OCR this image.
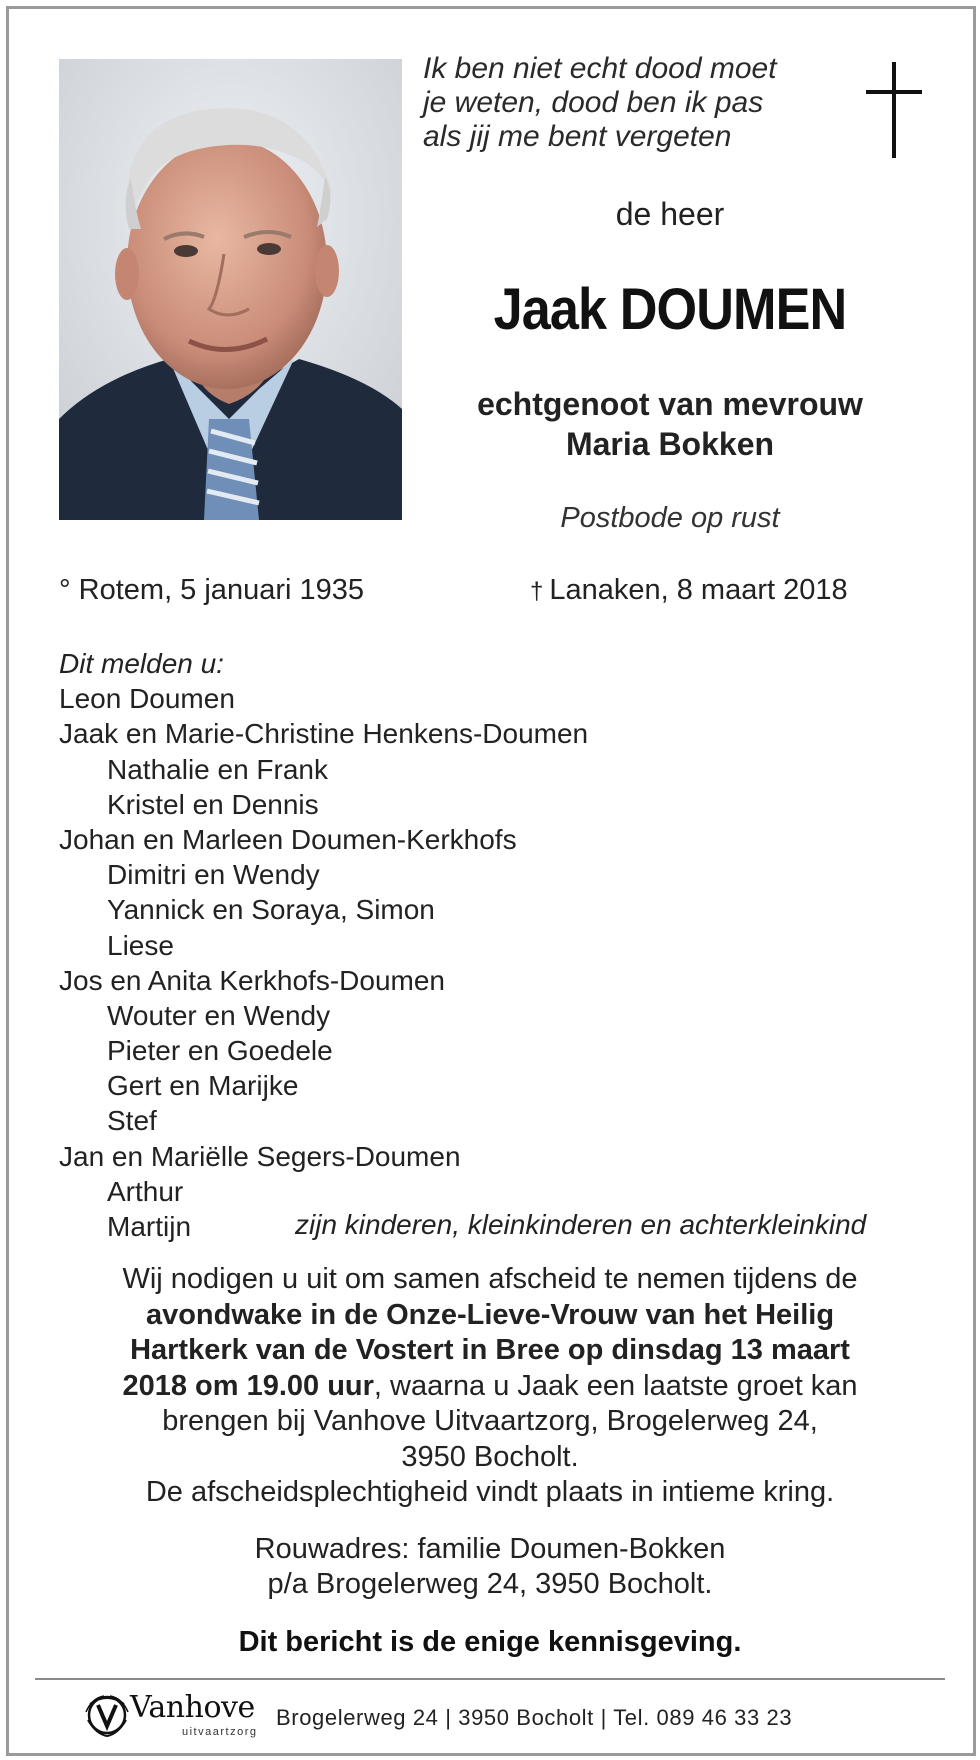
Ik ben niet echt dood moet
je weten, dood ben ik pas
als jij me bent vergeten
de heer
Jaak DOUMEN
echtgenoot van mevrouw
Maria Bokken
Postbode op rust
° Rotem, 5 januari 1935	† Lanaken, 8 maart 2018
Dit melden u:
Leon Doumen
Jaak en Marie-Christine Henkens-Doumen
Nathalie en Frank
Kristel en Dennis
Johan en Marleen Doumen-Kerkhofs
Dimitri en Wendy
Yannick en Soraya, Simon
Liese
Jos en Anita Kerkhofs-Doumen
Wouter en Wendy
Pieter en Goedele
Gert en Marijke
Stef
Jan en Mariëlle Segers-Doumen
Arthur
Martijn	zijn kinderen, kleinkinderen en achterkleinkind
Wij nodigen u uit om samen afscheid te nemen tijdens de
avondwake in de Onze-Lieve-Vrouw van het Heilig
Hartkerk van de Vostert in Bree op dinsdag 13 maart
2018 om 19.00 uur, waarna u Jaak een laatste groet kan
brengen bij Vanhove Uitvaartzorg, Brogelerweg 24,
3950 Bocholt.
De afscheidsplechtigheid vindt plaats in intieme kring.
Rouwadres: familie Doumen-Bokken
p/a Brogelerweg 24, 3950 Bocholt.
Dit bericht is de enige kennisgeving.
Vanhove
uitvaartzorg
Brogelerweg 24 | 3950 Bocholt | Tel. 089 46 33 23
